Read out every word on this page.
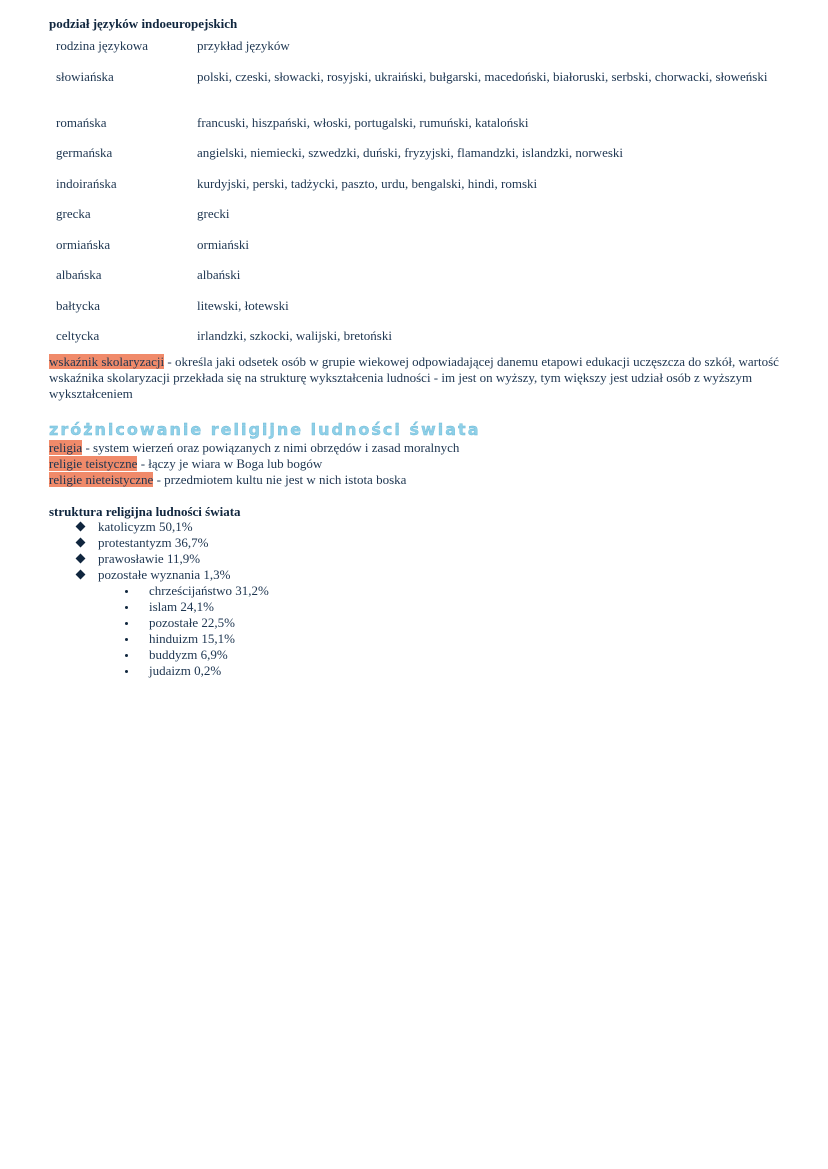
podział języków indoeuropejskich
rodzina językowa	przykład języków
słowiańska	polski, czeski, słowacki, rosyjski, ukraiński, bułgarski, macedoński, białoruski, serbski, chorwacki, słoweński
romańska	francuski, hiszpański, włoski, portugalski, rumuński, kataloński
germańska	angielski, niemiecki, szwedzki, duński, fryzyjski, flamandzki, islandzki, norweski
indoirańska	kurdyjski, perski, tadżycki, paszto, urdu, bengalski, hindi, romski
grecka	grecki
ormiańska	ormiański
albańska	albański
bałtycka	litewski, łotewski
celtycka	irlandzki, szkocki, walijski, bretoński
wskaźnik skolaryzacji - określa jaki odsetek osób w grupie wiekowej odpowiadającej danemu etapowi edukacji uczęszcza do szkół, wartość wskaźnika skolaryzacji przekłada się na strukturę wykształcenia ludności - im jest on wyższy, tym większy jest udział osób z wyższym wykształceniem
zróżnicowanie religijne ludności świata
religia - system wierzeń oraz powiązanych z nimi obrzędów i zasad moralnych
religie teistyczne - łączy je wiara w Boga lub bogów
religie nieteistyczne - przedmiotem kultu nie jest w nich istota boska
struktura religijna ludności świata
katolicyzm 50,1%
protestantyzm 36,7%
prawosławie 11,9%
pozostałe wyznania 1,3%
chrześcijaństwo 31,2%
islam 24,1%
pozostałe 22,5%
hinduizm 15,1%
buddyzm 6,9%
judaizm 0,2%
